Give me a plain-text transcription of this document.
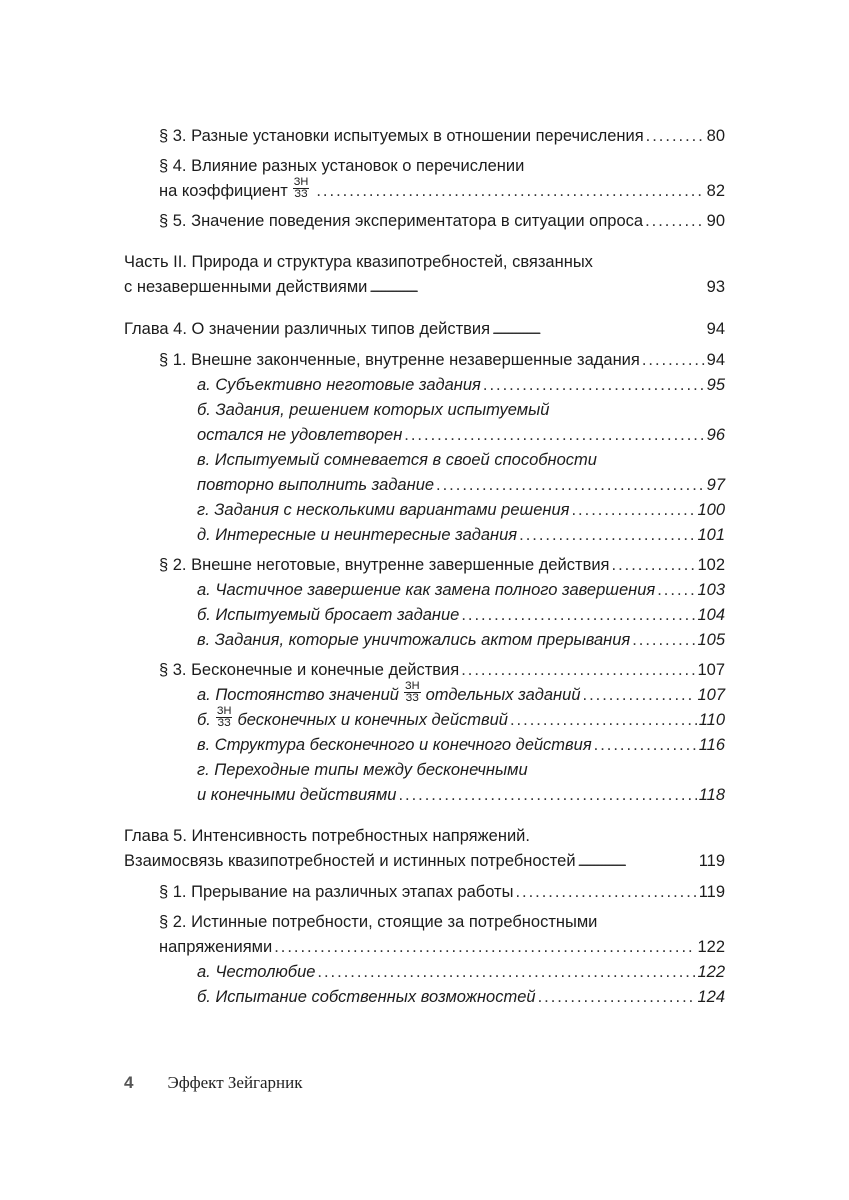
§ 3. Разные установки испытуемых в отношении перечисления . . .	80
§ 4. Влияние разных установок о перечислении
на коэффициент $\frac{ЗН}{ЗЗ}$ . . .	82
§ 5. Значение поведения экспериментатора в ситуации опроса . . .	90
Часть II. Природа и структура квазипотребностей, связанных
с незавершенными действиями . . .	93
Глава 4. О значении различных типов действия . . .	94
§ 1. Внешне законченные, внутренне незавершенные задания . . .	94
а. Субъективно неготовые задания . . .	95
б. Задания, решением которых испытуемый
остался не удовлетворен . . .	96
в. Испытуемый сомневается в своей способности
повторно выполнить задание . . .	97
г. Задания с несколькими вариантами решения . . .	100
д. Интересные и неинтересные задания . . .	101
§ 2. Внешне неготовые, внутренне завершенные действия . . .	102
а. Частичное завершение как замена полного завершения . . .	103
б. Испытуемый бросает задание . . .	104
в. Задания, которые уничтожались актом прерывания . . .	105
§ 3. Бесконечные и конечные действия . . .	107
а. Постоянство значений $\frac{ЗН}{ЗЗ}$ отдельных заданий . . .	107
б. $\frac{ЗН}{ЗЗ}$ бесконечных и конечных действий . . .	110
в. Структура бесконечного и конечного действия . . .	116
г. Переходные типы между бесконечными
и конечными действиями . . .	118
Глава 5. Интенсивность потребностных напряжений.
Взаимосвязь квазипотребностей и истинных потребностей . . .	119
§ 1. Прерывание на различных этапах работы . . .	119
§ 2. Истинные потребности, стоящие за потребностными
напряжениями . . .	122
а. Честолюбие . . .	122
б. Испытание собственных возможностей . . .	124
4 Эффект Зейгарник
